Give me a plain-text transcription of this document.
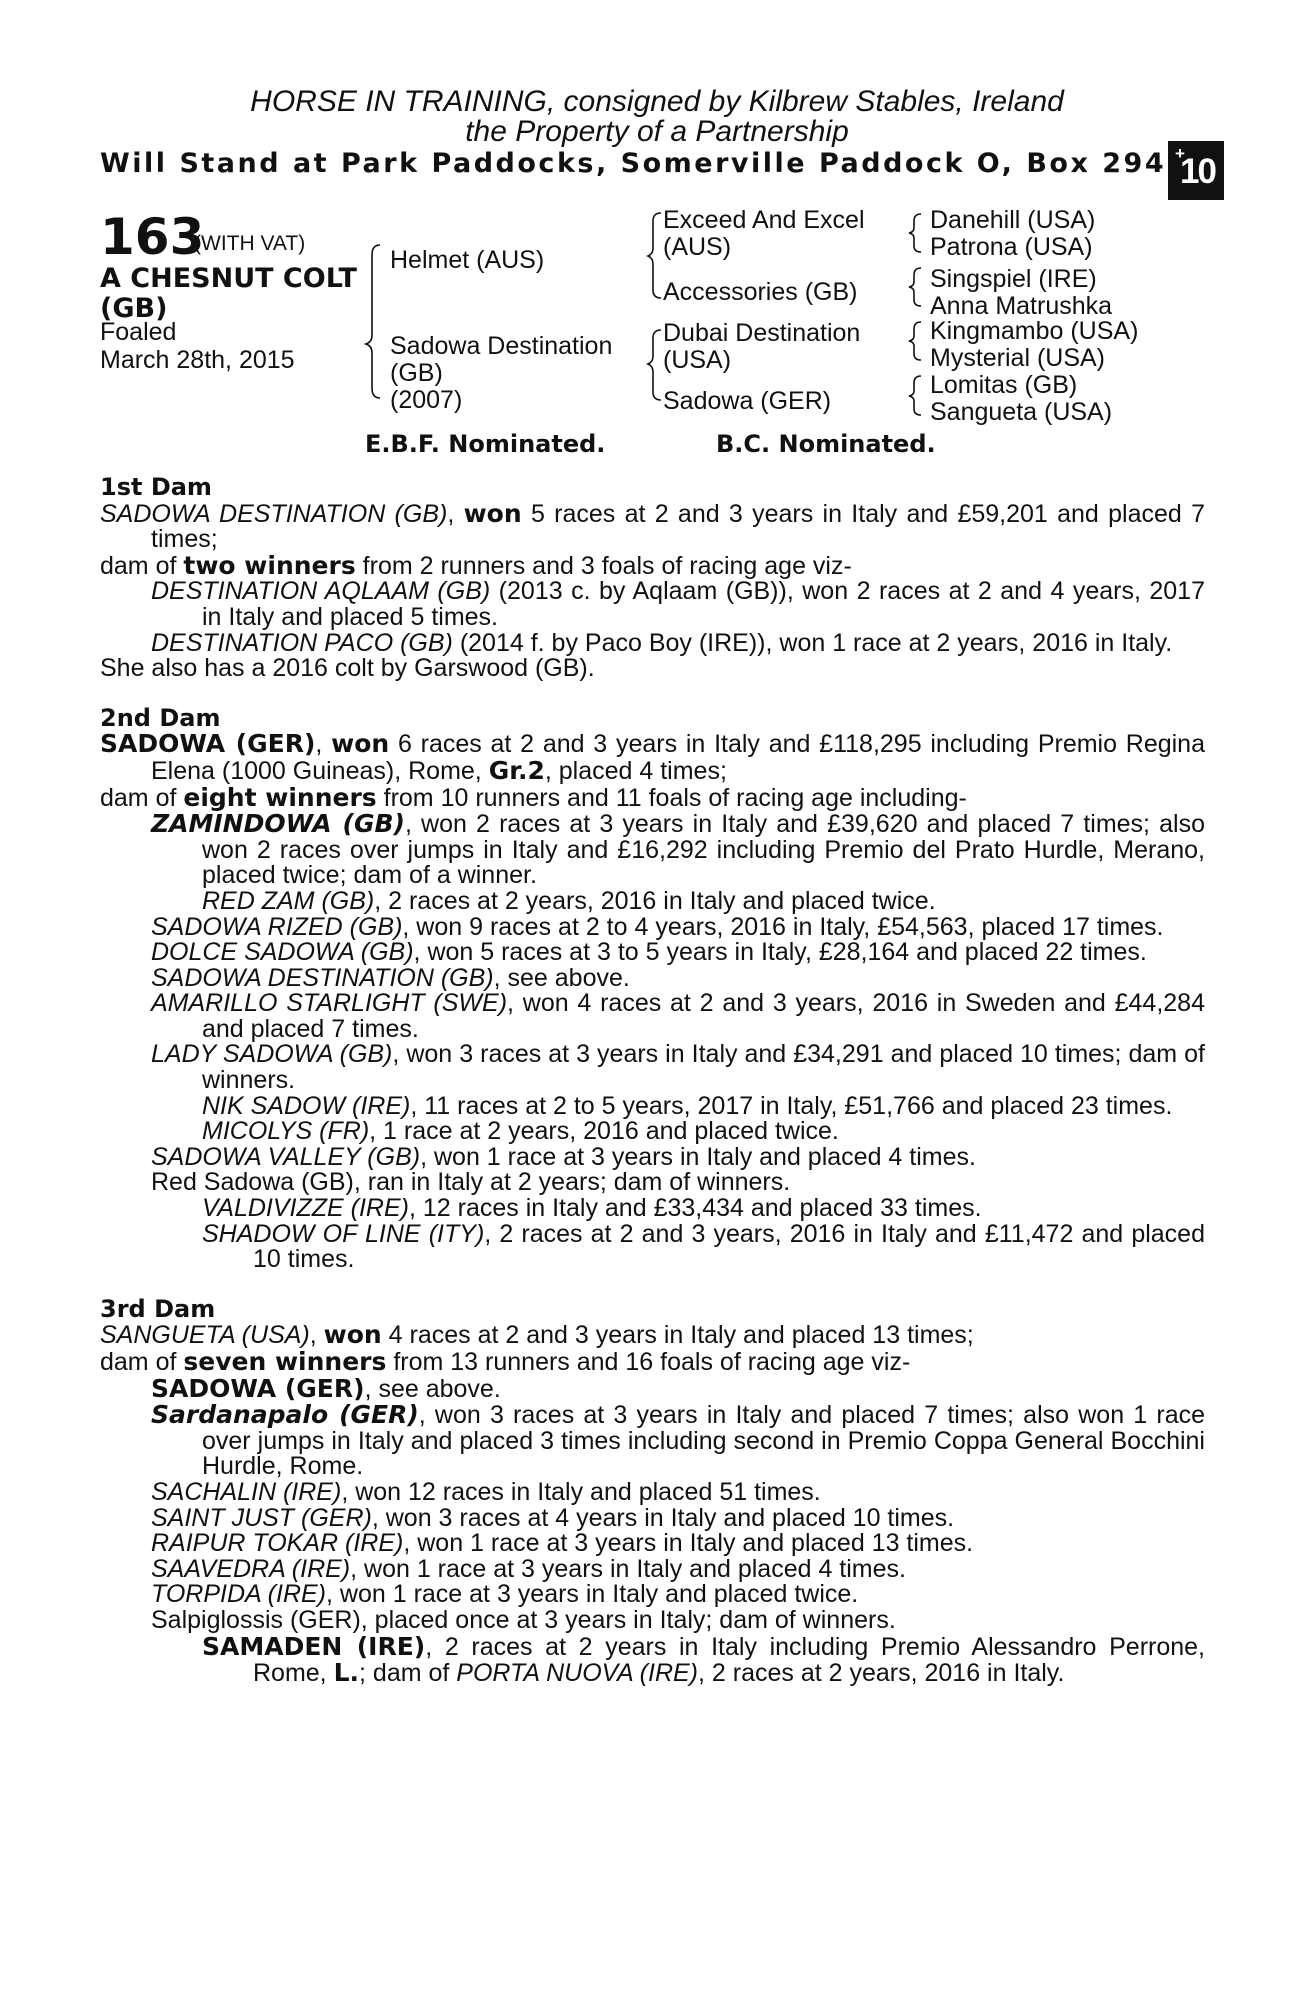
HORSE IN TRAINING, consigned by Kilbrew Stables, Ireland
the Property of a Partnership
Will Stand at Park Paddocks, Somerville Paddock O, Box 294 +
10
163
(WITH VAT)
A CHESNUT COLT
(GB)
Foaled
March 28th, 2015
Helmet (AUS)
Sadowa Destination
(GB)
(2007)
Exceed And Excel
(AUS)
Accessories (GB)
Dubai Destination
(USA)
Sadowa (GER)
Danehill (USA)
Patrona (USA)
Singspiel (IRE)
Anna Matrushka
Kingmambo (USA)
Mysterial (USA)
Lomitas (GB)
Sangueta (USA)
E.B.F. Nominated.	B.C. Nominated.

1st Dam

SADOWA DESTINATION (GB), won 5 races at 2 and 3 years in Italy and £59,201 and placed 7 times;

dam of two winners from 2 runners and 3 foals of racing age viz-

DESTINATION AQLAAM (GB) (2013 c. by Aqlaam (GB)), won 2 races at 2 and 4 years, 2017 in Italy and placed 5 times.

DESTINATION PACO (GB) (2014 f. by Paco Boy (IRE)), won 1 race at 2 years, 2016 in Italy.

She also has a 2016 colt by Garswood (GB).

2nd Dam

SADOWA (GER), won 6 races at 2 and 3 years in Italy and £118,295 including Premio Regina Elena (1000 Guineas), Rome, Gr.2, placed 4 times;

dam of eight winners from 10 runners and 11 foals of racing age including-

ZAMINDOWA (GB), won 2 races at 3 years in Italy and £39,620 and placed 7 times; also won 2 races over jumps in Italy and £16,292 including Premio del Prato Hurdle, Merano, placed twice; dam of a winner.

RED ZAM (GB), 2 races at 2 years, 2016 in Italy and placed twice.

SADOWA RIZED (GB), won 9 races at 2 to 4 years, 2016 in Italy, £54,563, placed 17 times.

DOLCE SADOWA (GB), won 5 races at 3 to 5 years in Italy, £28,164 and placed 22 times.

SADOWA DESTINATION (GB), see above.

AMARILLO STARLIGHT (SWE), won 4 races at 2 and 3 years, 2016 in Sweden and £44,284 and placed 7 times.

LADY SADOWA (GB), won 3 races at 3 years in Italy and £34,291 and placed 10 times; dam of winners.

NIK SADOW (IRE), 11 races at 2 to 5 years, 2017 in Italy, £51,766 and placed 23 times.

MICOLYS (FR), 1 race at 2 years, 2016 and placed twice.

SADOWA VALLEY (GB), won 1 race at 3 years in Italy and placed 4 times.

Red Sadowa (GB), ran in Italy at 2 years; dam of winners.

VALDIVIZZE (IRE), 12 races in Italy and £33,434 and placed 33 times.

SHADOW OF LINE (ITY), 2 races at 2 and 3 years, 2016 in Italy and £11,472 and placed 10 times.

3rd Dam

SANGUETA (USA), won 4 races at 2 and 3 years in Italy and placed 13 times;

dam of seven winners from 13 runners and 16 foals of racing age viz-

SADOWA (GER), see above.

Sardanapalo (GER), won 3 races at 3 years in Italy and placed 7 times; also won 1 race over jumps in Italy and placed 3 times including second in Premio Coppa General Bocchini Hurdle, Rome.

SACHALIN (IRE), won 12 races in Italy and placed 51 times.

SAINT JUST (GER), won 3 races at 4 years in Italy and placed 10 times.

RAIPUR TOKAR (IRE), won 1 race at 3 years in Italy and placed 13 times.

SAAVEDRA (IRE), won 1 race at 3 years in Italy and placed 4 times.

TORPIDA (IRE), won 1 race at 3 years in Italy and placed twice.

Salpiglossis (GER), placed once at 3 years in Italy; dam of winners.

SAMADEN (IRE), 2 races at 2 years in Italy including Premio Alessandro Perrone, Rome, L.; dam of PORTA NUOVA (IRE), 2 races at 2 years, 2016 in Italy.
